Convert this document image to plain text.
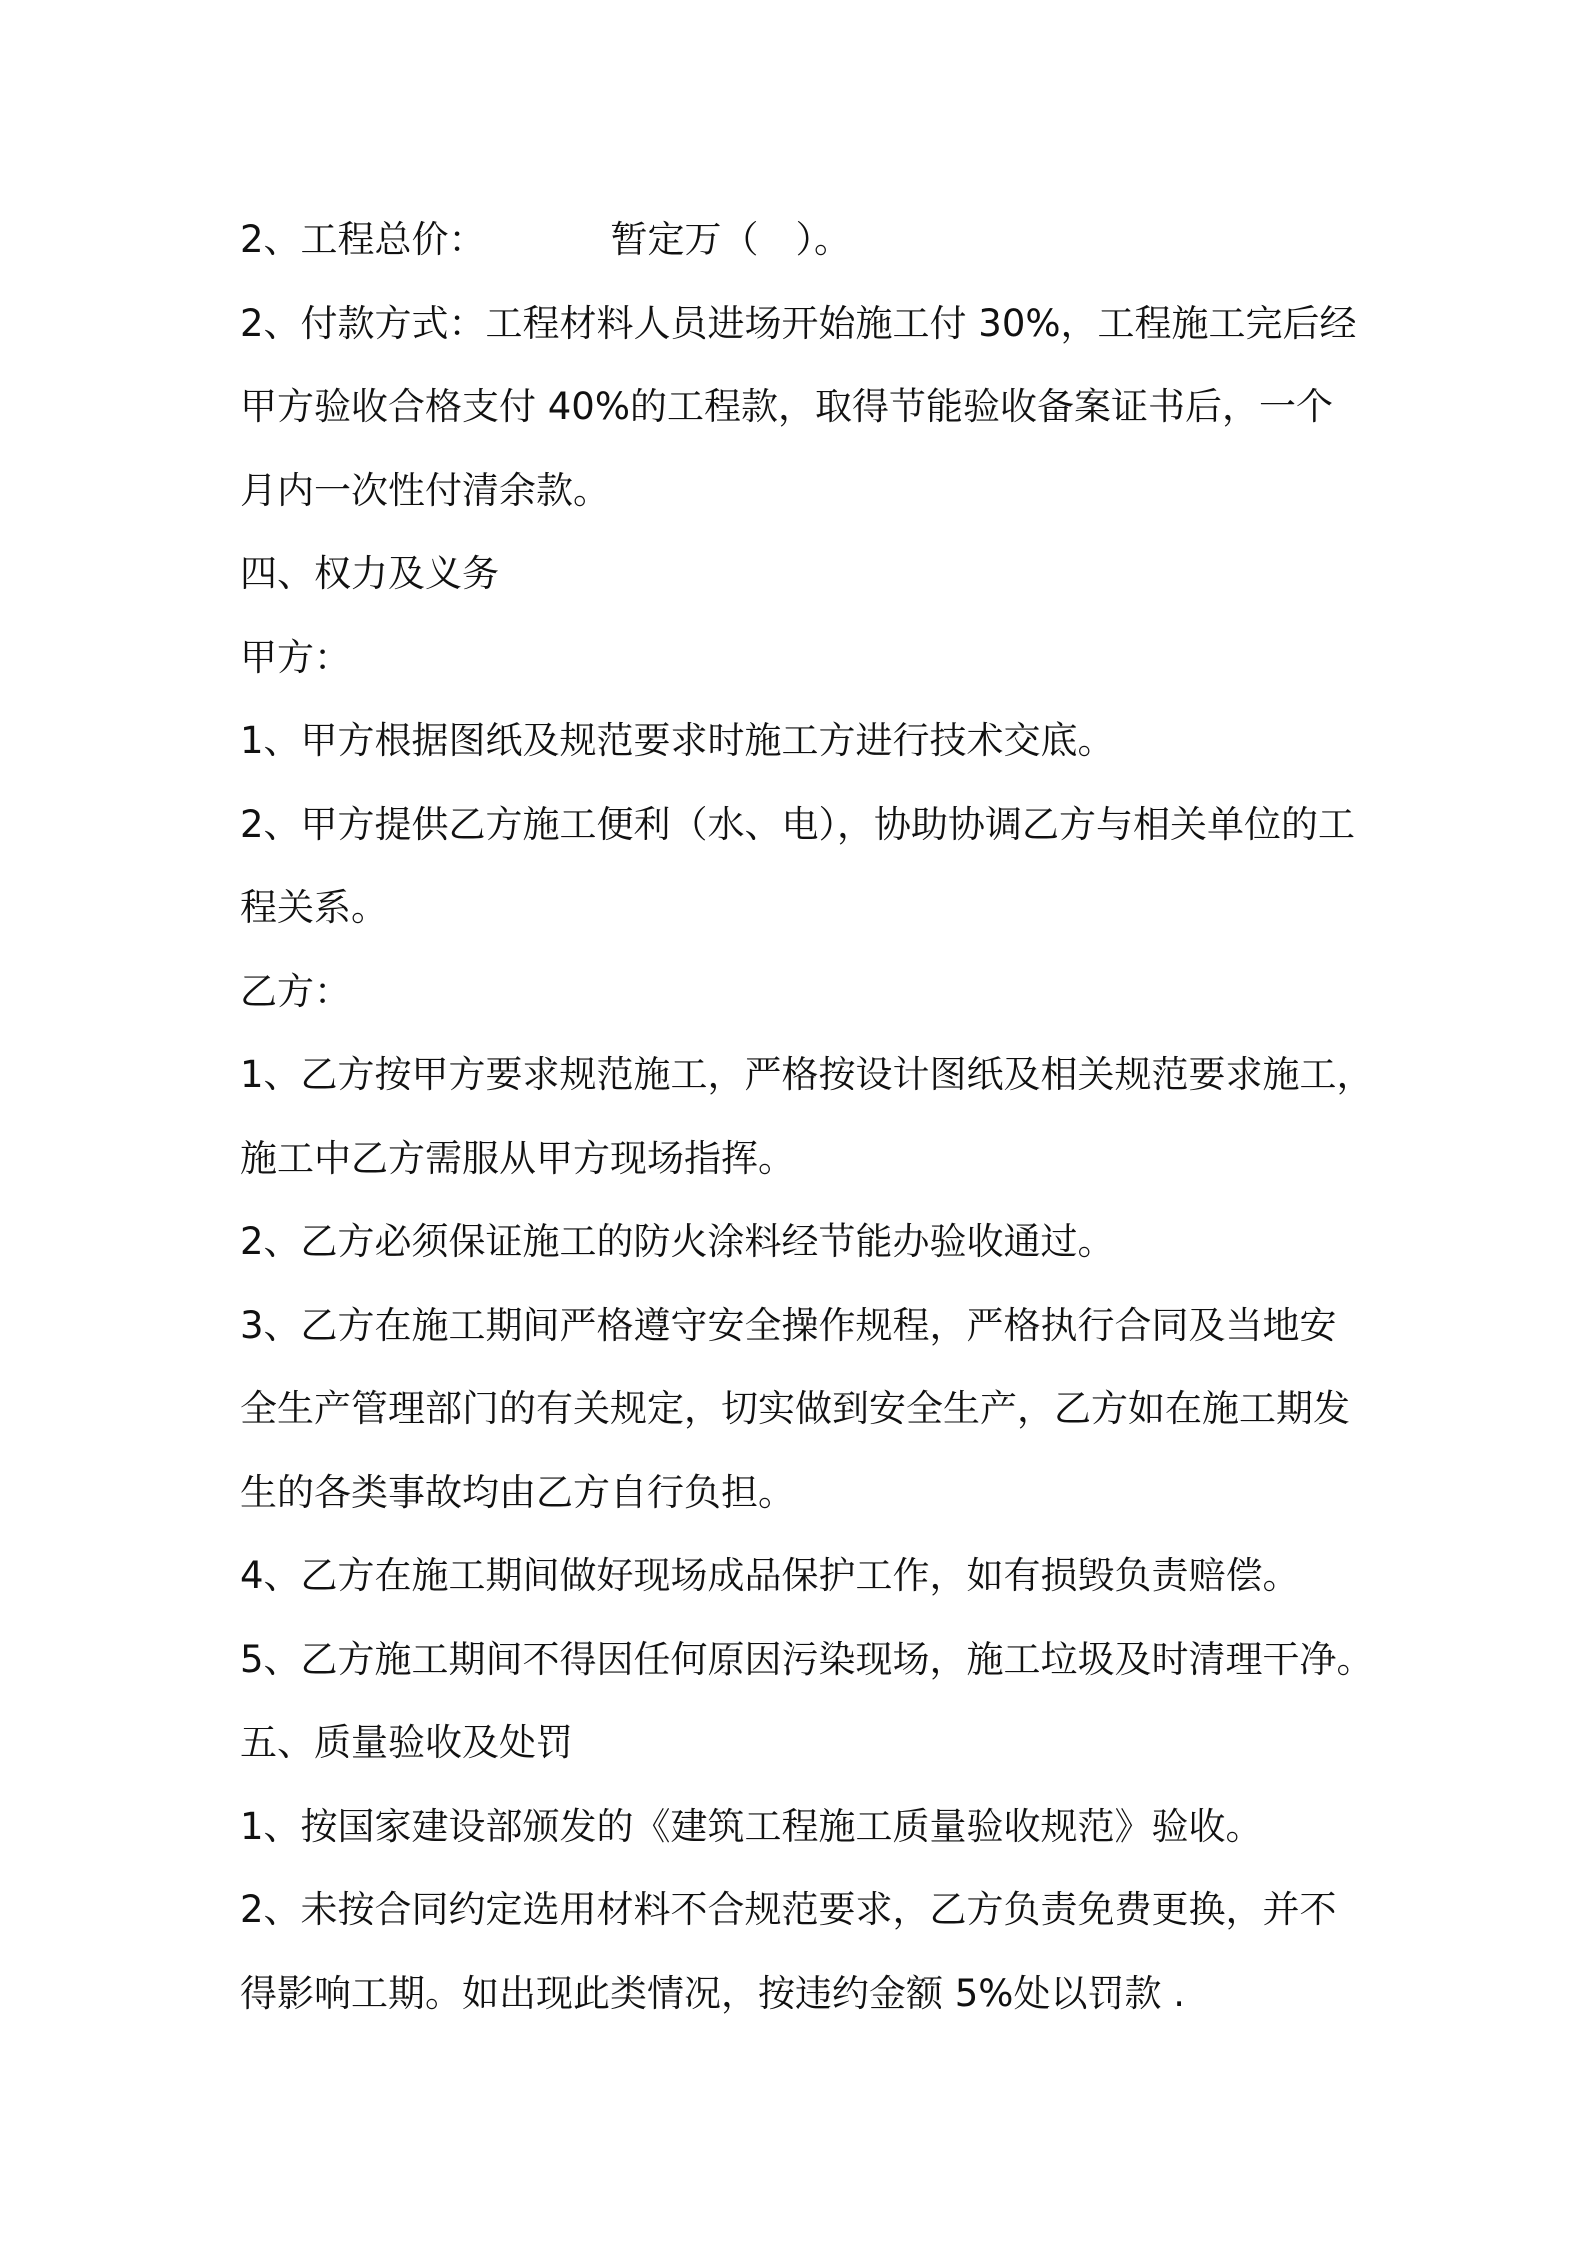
2、工程总价：	暂定万（　）。

2、付款方式：工程材料人员进场开始施工付 30%，工程施工完后经

甲方验收合格支付 40%的工程款，取得节能验收备案证书后，一个

月内一次性付清余款。

四、权力及义务

甲方：

1、甲方根据图纸及规范要求时施工方进行技术交底。

2、甲方提供乙方施工便利（水、电），协助协调乙方与相关单位的工

程关系。

乙方：

1、乙方按甲方要求规范施工，严格按设计图纸及相关规范要求施工，

施工中乙方需服从甲方现场指挥。

2、乙方必须保证施工的防火涂料经节能办验收通过。

3、乙方在施工期间严格遵守安全操作规程，严格执行合同及当地安

全生产管理部门的有关规定，切实做到安全生产，乙方如在施工期发

生的各类事故均由乙方自行负担。

4、乙方在施工期间做好现场成品保护工作，如有损毁负责赔偿。

5、乙方施工期间不得因任何原因污染现场，施工垃圾及时清理干净。

五、质量验收及处罚

1、按国家建设部颁发的《建筑工程施工质量验收规范》验收。

2、未按合同约定选用材料不合规范要求，乙方负责免费更换，并不

得影响工期。如出现此类情况，按违约金额 5%处以罚款 .
